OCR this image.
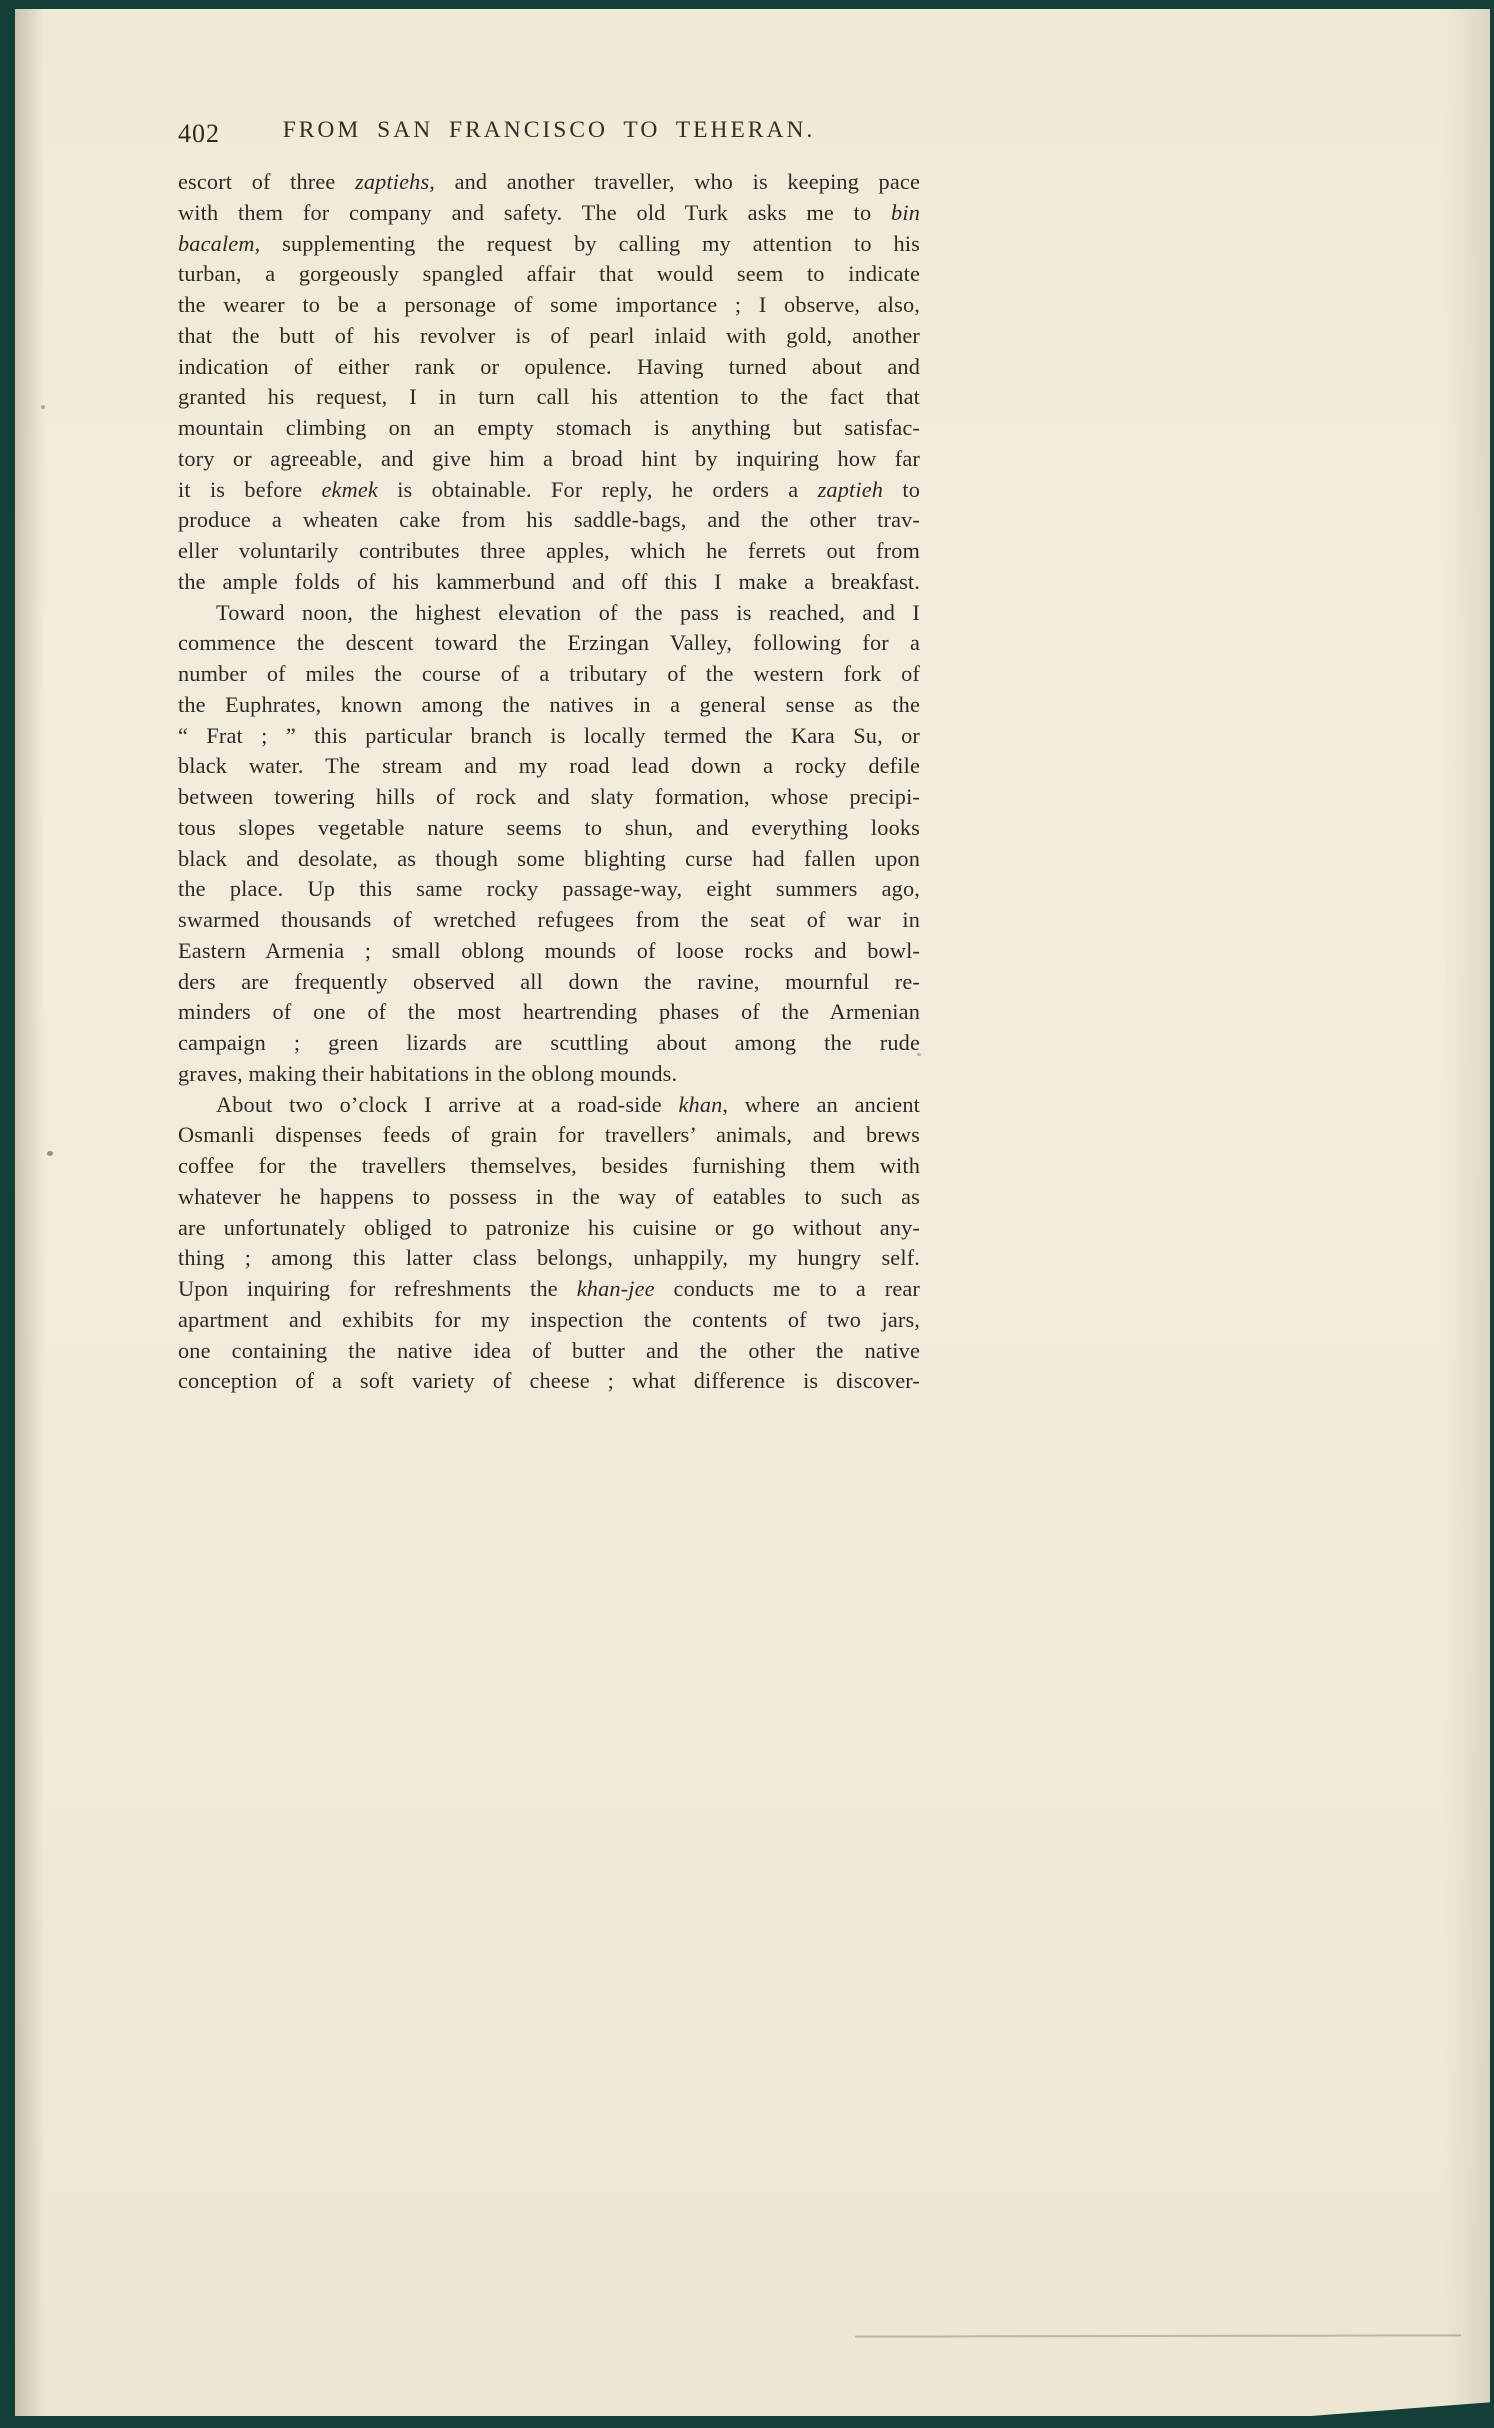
402	FROM SAN FRANCISCO TO TEHERAN.
escort of three zaptiehs, and another traveller, who is keeping pace
with them for company and safety. The old Turk asks me to bin
bacalem, supplementing the request by calling my attention to his
turban, a gorgeously spangled affair that would seem to indicate
the wearer to be a personage of some importance ; I observe, also,
that the butt of his revolver is of pearl inlaid with gold, another
indication of either rank or opulence. Having turned about and
granted his request, I in turn call his attention to the fact that
mountain climbing on an empty stomach is anything but satisfac-
tory or agreeable, and give him a broad hint by inquiring how far
it is before ekmek is obtainable. For reply, he orders a zaptieh to
produce a wheaten cake from his saddle-bags, and the other trav-
eller voluntarily contributes three apples, which he ferrets out from
the ample folds of his kammerbund and off this I make a breakfast.
Toward noon, the highest elevation of the pass is reached, and I
commence the descent toward the Erzingan Valley, following for a
number of miles the course of a tributary of the western fork of
the Euphrates, known among the natives in a general sense as the
“ Frat ; ” this particular branch is locally termed the Kara Su, or
black water. The stream and my road lead down a rocky defile
between towering hills of rock and slaty formation, whose precipi-
tous slopes vegetable nature seems to shun, and everything looks
black and desolate, as though some blighting curse had fallen upon
the place. Up this same rocky passage-way, eight summers ago,
swarmed thousands of wretched refugees from the seat of war in
Eastern Armenia ; small oblong mounds of loose rocks and bowl-
ders are frequently observed all down the ravine, mournful re-
minders of one of the most heartrending phases of the Armenian
campaign ; green lizards are scuttling about among the rude
graves, making their habitations in the oblong mounds.
About two o’clock I arrive at a road-side khan, where an ancient
Osmanli dispenses feeds of grain for travellers’ animals, and brews
coffee for the travellers themselves, besides furnishing them with
whatever he happens to possess in the way of eatables to such as
are unfortunately obliged to patronize his cuisine or go without any-
thing ; among this latter class belongs, unhappily, my hungry self.
Upon inquiring for refreshments the khan-jee conducts me to a rear
apartment and exhibits for my inspection the contents of two jars,
one containing the native idea of butter and the other the native
conception of a soft variety of cheese ; what difference is discover-
